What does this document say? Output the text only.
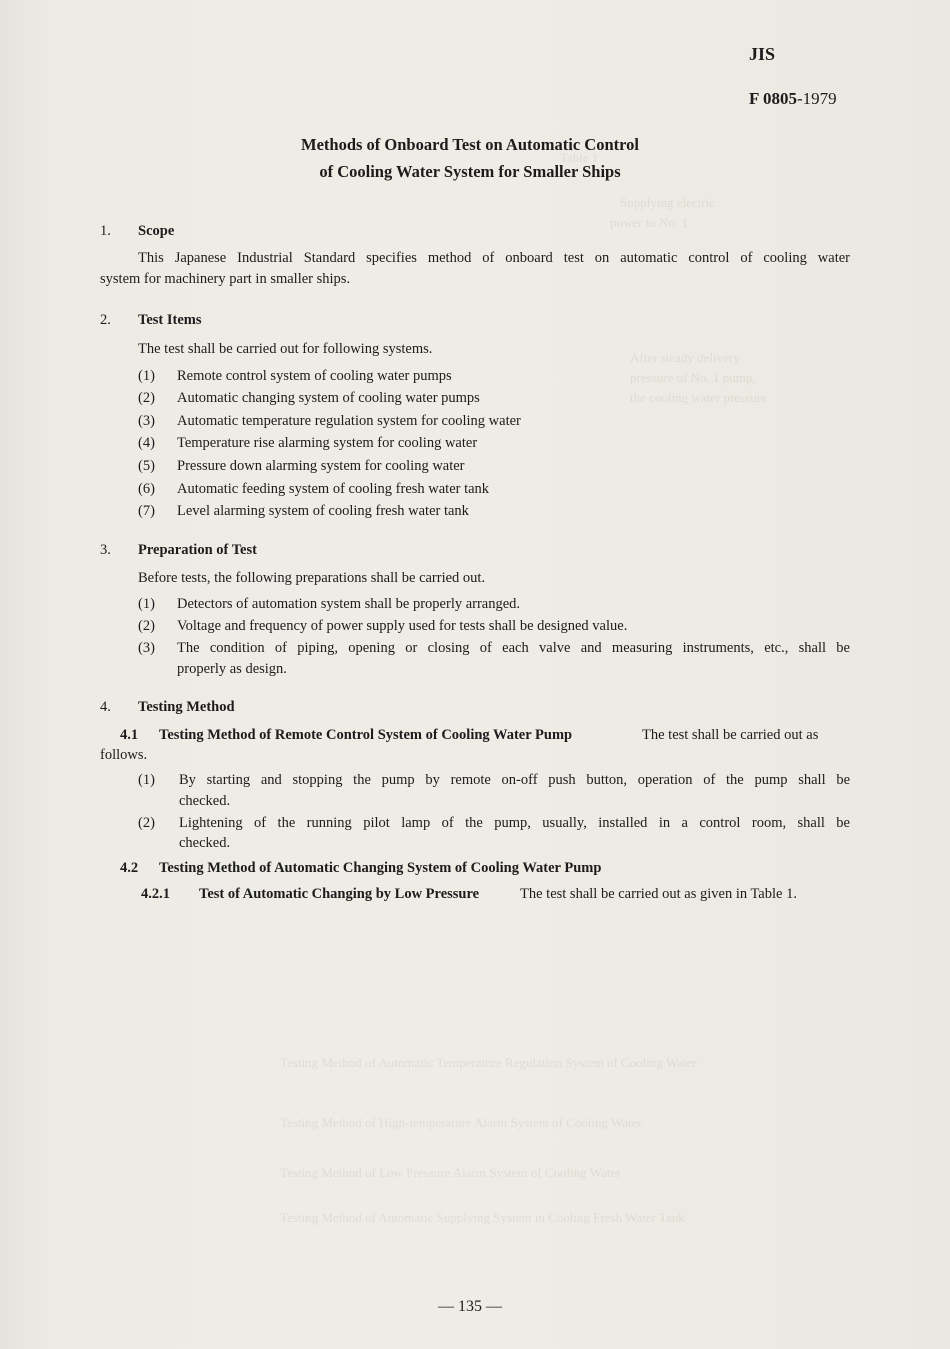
Table 1
Supplying electric
power to No. 1
After steady delivery
pressure of No. 1 pump,
the cooling water pressure
Testing Method of Automatic Temperature Regulation System of Cooling Water
Testing Method of High-temperature Alarm System of Cooling Water
Testing Method of Low Pressure Alarm System of Cooling Water
Testing Method of Automatic Supplying System in Cooling Fresh Water Tank
JIS
F 0805-1979
Methods of Onboard Test on Automatic Control
of Cooling Water System for Smaller Ships
1. Scope
This Japanese Industrial Standard specifies method of onboard test on automatic control of cooling water
system for machinery part in smaller ships.
2. Test Items
The test shall be carried out for following systems.
(1) Remote control system of cooling water pumps
(2) Automatic changing system of cooling water pumps
(3) Automatic temperature regulation system for cooling water
(4) Temperature rise alarming system for cooling water
(5) Pressure down alarming system for cooling water
(6) Automatic feeding system of cooling fresh water tank
(7) Level alarming system of cooling fresh water tank
3. Preparation of Test
Before tests, the following preparations shall be carried out.
(1) Detectors of automation system shall be properly arranged.
(2) Voltage and frequency of power supply used for tests shall be designed value.
(3) The condition of piping, opening or closing of each valve and measuring instruments, etc., shall be
properly as design.
4. Testing Method
4.1 Testing Method of Remote Control System of Cooling Water Pump	The test shall be carried out as
follows.
(1) By starting and stopping the pump by remote on-off push button, operation of the pump shall be
checked.
(2) Lightening of the running pilot lamp of the pump, usually, installed in a control room, shall be
checked.
4.2 Testing Method of Automatic Changing System of Cooling Water Pump
4.2.1 Test of Automatic Changing by Low Pressure	The test shall be carried out as given in Table 1.
— 135 —
